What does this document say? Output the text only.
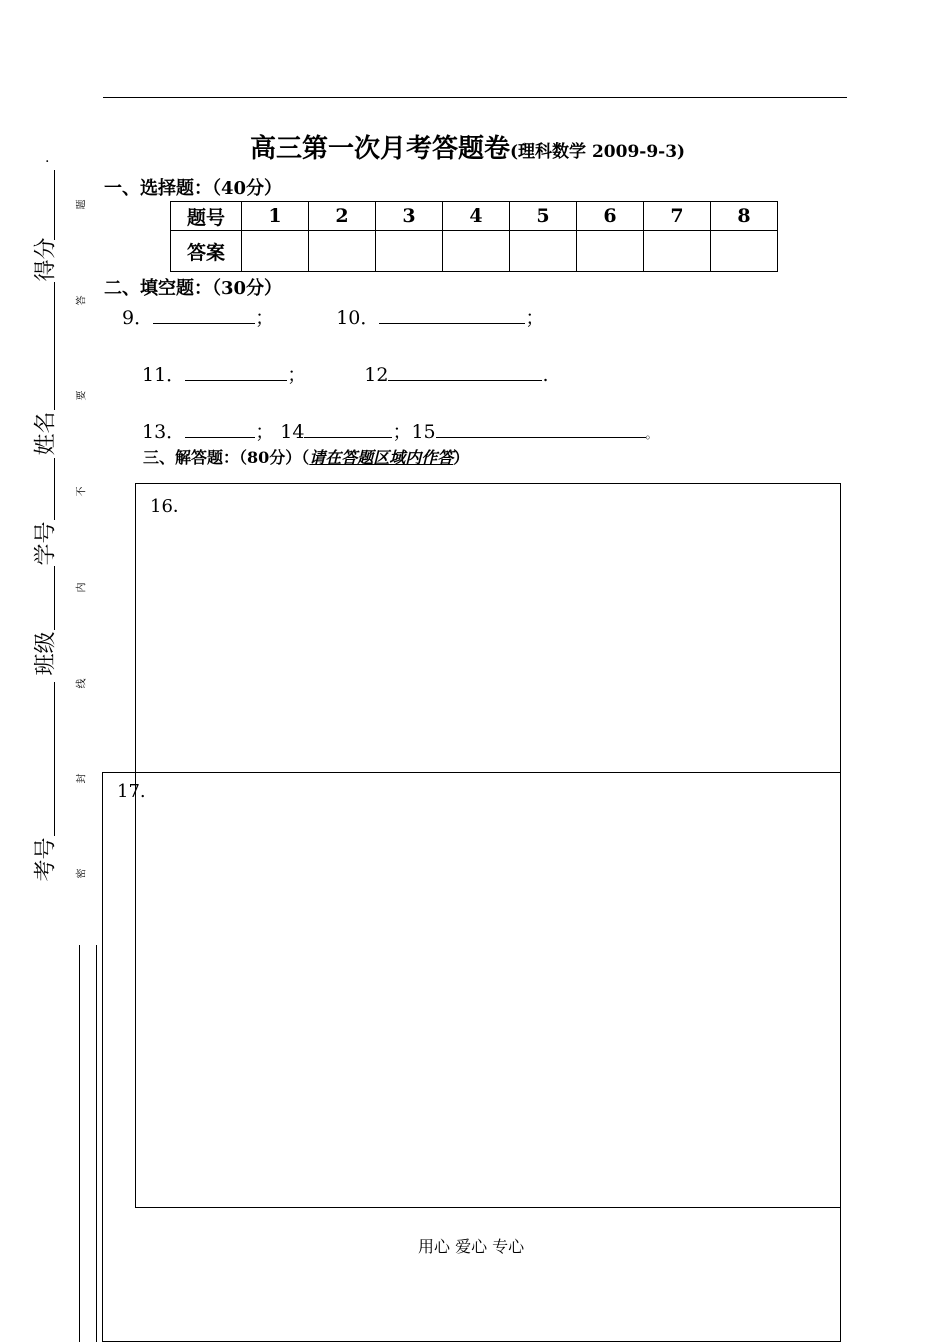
高三第一次月考答题卷(理科数学 2009-9-3)
一、选择题：（40分）
题号	1	2	3	4	5	6	7	8
答案								
二、填空题：（30分）
9．	；	10．	；
11．	；	12	.
13．	； 14	；15	。
三、解答题：（80分）（请在答题区域内作答）
16．
17.
用心 爱心 专心
.
得分
姓名
学号
班级
考号
题
答
要
不
内
线
封
密
